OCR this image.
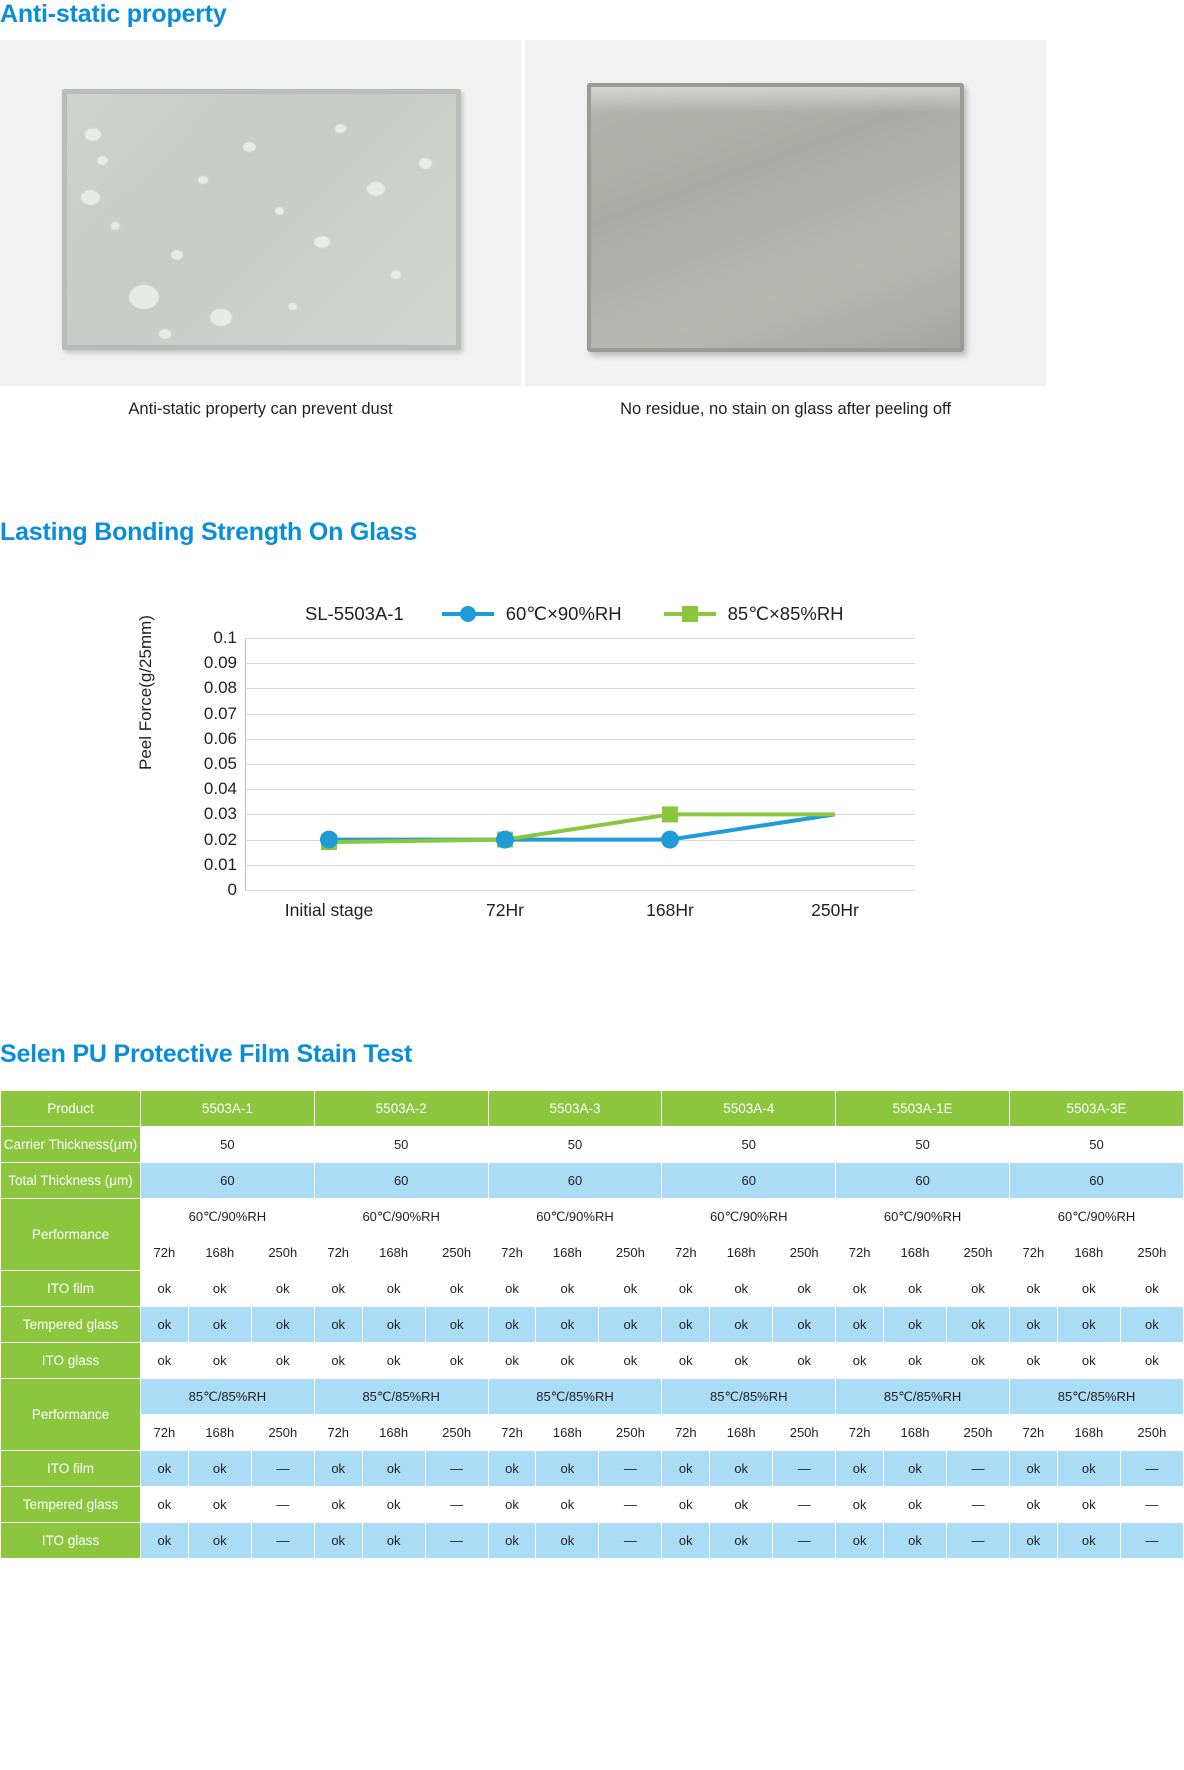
Anti-static property
Anti-static property can prevent dust	No residue, no stain on glass after peeling off
Lasting Bonding Strength On Glass
SL-5503A-1	60℃×90%RH	85℃×85%RH
Peel Force(g/25mm)	0.1
0.09
0.08
0.07
0.06
0.05
0.04
0.03
0.02
0.01
0
Initial stage	72Hr	168Hr	250Hr
Selen PU Protective Film Stain Test
Product	5503A-1			5503A-2			5503A-3			5503A-4			5503A-1E			5503A-3E		
Carrier Thickness(μm)	50			50			50			50			50			50		
Total Thickness (μm)	60			60			60			60			60			60		
Performance	60℃/90%RH			60℃/90%RH			60℃/90%RH			60℃/90%RH			60℃/90%RH			60℃/90%RH		
	72h	168h	250h	72h	168h	250h	72h	168h	250h	72h	168h	250h	72h	168h	250h	72h	168h	250h
ITO film	ok	ok	ok	ok	ok	ok	ok	ok	ok	ok	ok	ok	ok	ok	ok	ok	ok	ok
Tempered glass	ok	ok	ok	ok	ok	ok	ok	ok	ok	ok	ok	ok	ok	ok	ok	ok	ok	ok
ITO glass	ok	ok	ok	ok	ok	ok	ok	ok	ok	ok	ok	ok	ok	ok	ok	ok	ok	ok
Performance	85℃/85%RH			85℃/85%RH			85℃/85%RH			85℃/85%RH			85℃/85%RH			85℃/85%RH		
	72h	168h	250h	72h	168h	250h	72h	168h	250h	72h	168h	250h	72h	168h	250h	72h	168h	250h
ITO film	ok	ok	—	ok	ok	—	ok	ok	—	ok	ok	—	ok	ok	—	ok	ok	—
Tempered glass	ok	ok	—	ok	ok	—	ok	ok	—	ok	ok	—	ok	ok	—	ok	ok	—
ITO glass	ok	ok	—	ok	ok	—	ok	ok	—	ok	ok	—	ok	ok	—	ok	ok	—
